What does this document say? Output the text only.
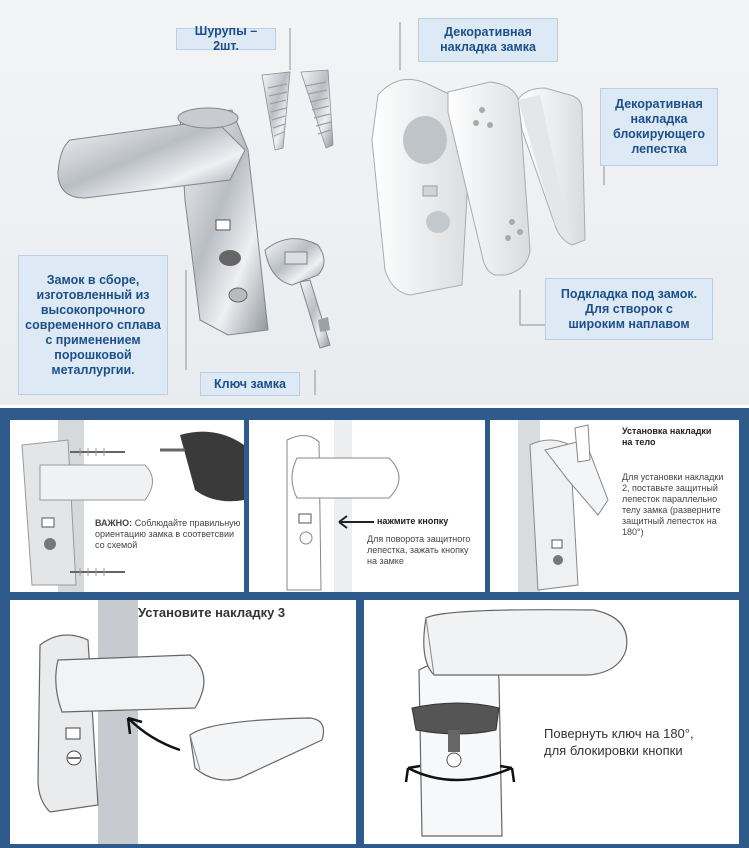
Шурупы – 2шт.
Декоративная
накладка замка
Декоративная
накладка
блокирующего
лепестка
Замок в сборе,
изготовленный из
высокопрочного
современного сплава
с применением
порошковой
металлургии.
Ключ замка
Подкладка под замок.
Для створок с
широким наплавом
ВАЖНО: Соблюдайте правильную
ориентацию замка в соответсвии
со схемой
нажмите кнопку
Для поворота защитного
лепестка, зажать кнопку
на замке
Установка накладки
на тело
Для установки накладки
2, поставьте защитный
лепесток параллельно
телу замка (разверните
защитный лепесток на
180°)
Установите накладку 3
Повернуть ключ на 180°,
для блокировки кнопки
